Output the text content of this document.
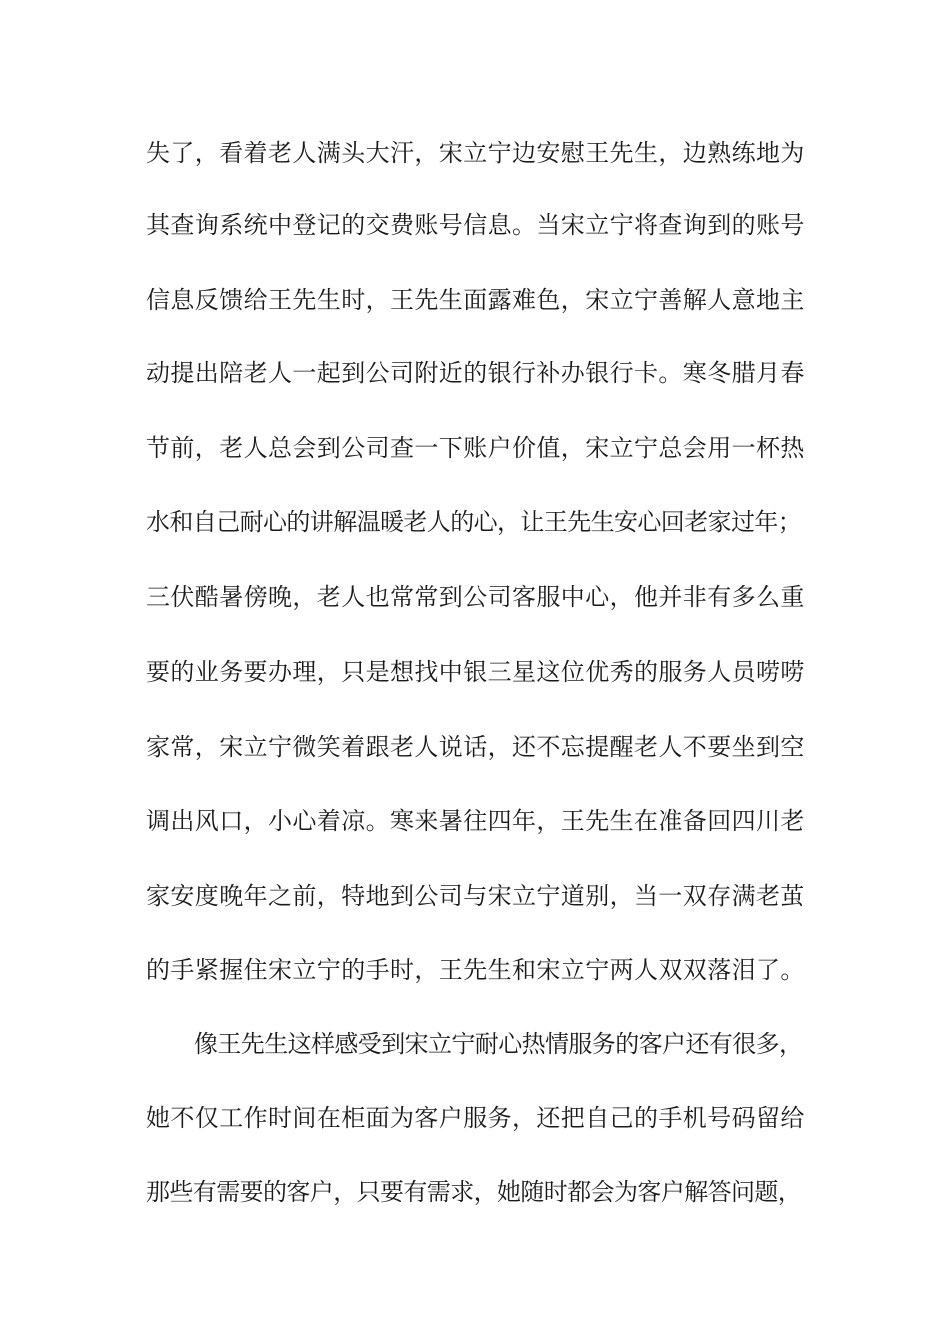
失了，看着老人满头大汗，宋立宁边安慰王先生，边熟练地为
其查询系统中登记的交费账号信息。当宋立宁将查询到的账号
信息反馈给王先生时，王先生面露难色，宋立宁善解人意地主
动提出陪老人一起到公司附近的银行补办银行卡。寒冬腊月春
节前，老人总会到公司查一下账户价值，宋立宁总会用一杯热
水和自己耐心的讲解温暖老人的心，让王先生安心回老家过年；
三伏酷暑傍晚，老人也常常到公司客服中心，他并非有多么重
要的业务要办理，只是想找中银三星这位优秀的服务人员唠唠
家常，宋立宁微笑着跟老人说话，还不忘提醒老人不要坐到空
调出风口，小心着凉。寒来暑往四年，王先生在准备回四川老
家安度晚年之前，特地到公司与宋立宁道别，当一双存满老茧
的手紧握住宋立宁的手时，王先生和宋立宁两人双双落泪了。
像王先生这样感受到宋立宁耐心热情服务的客户还有很多，
她不仅工作时间在柜面为客户服务，还把自己的手机号码留给
那些有需要的客户，只要有需求，她随时都会为客户解答问题，
